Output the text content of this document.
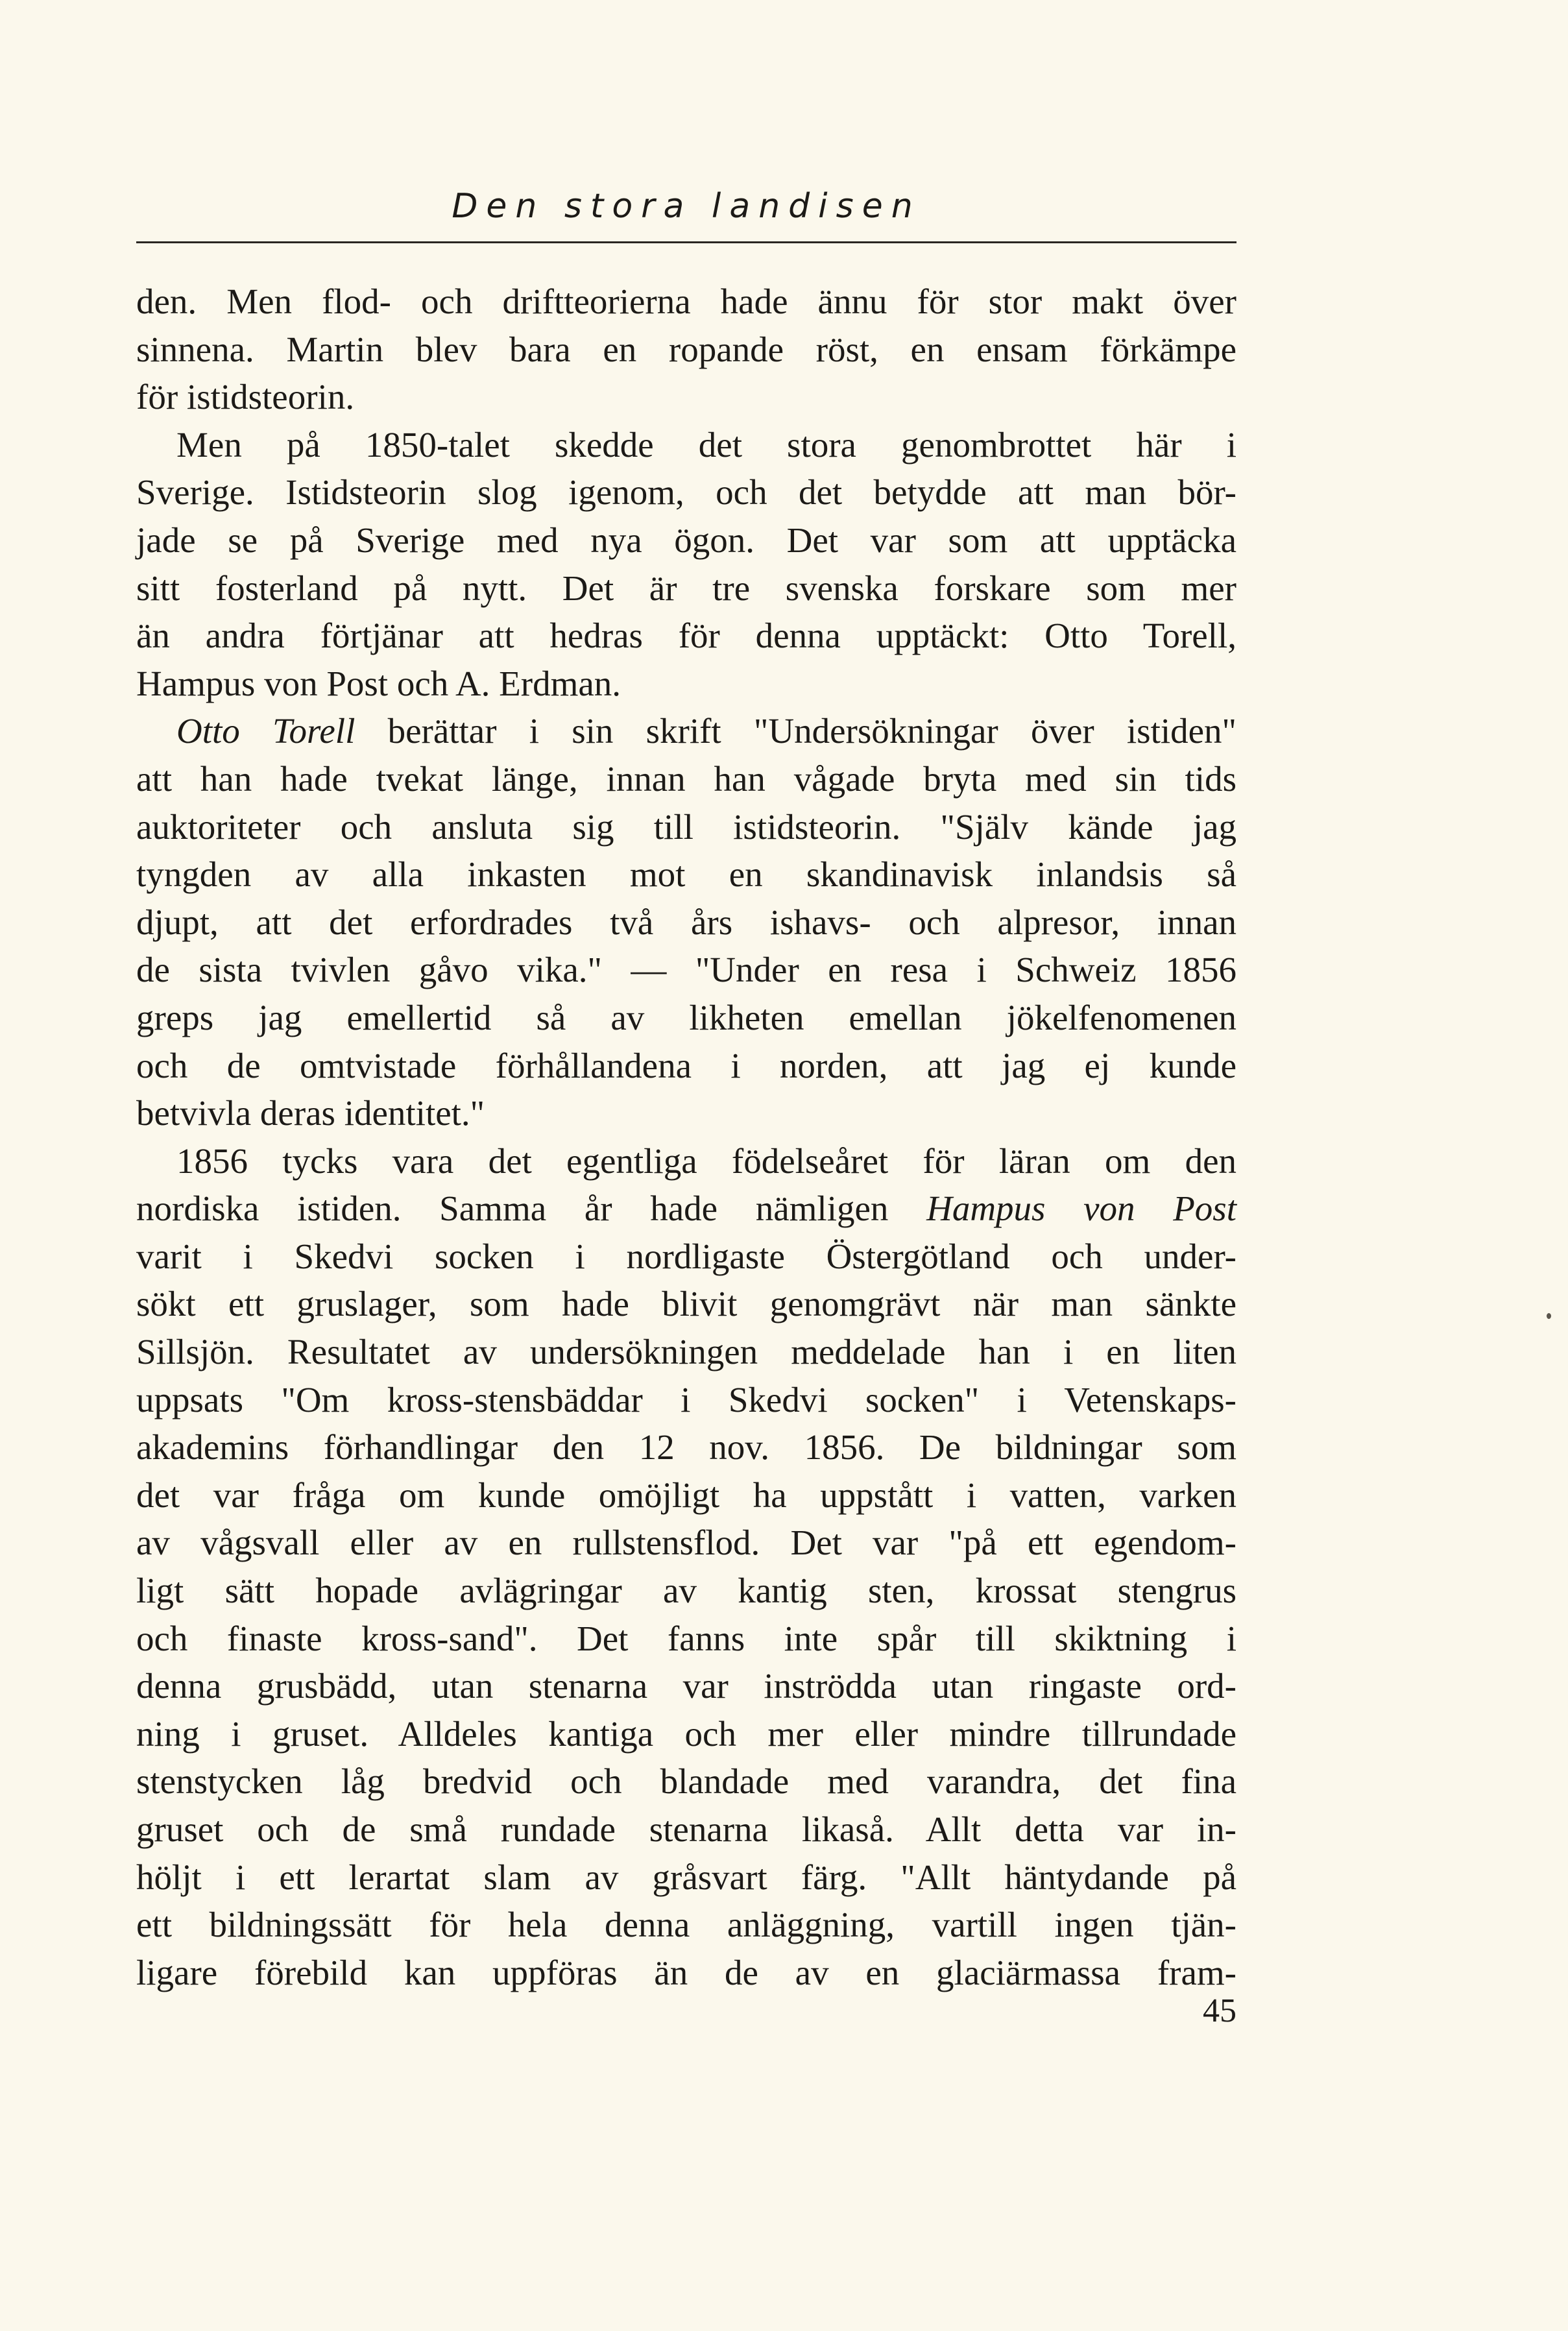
Den stora landisen
den. Men flod- och driftteorierna hade ännu för stor makt över
sinnena. Martin blev bara en ropande röst, en ensam förkämpe
för istidsteorin.
Men på 1850-talet skedde det stora genombrottet här i
Sverige. Istidsteorin slog igenom, och det betydde att man bör-
jade se på Sverige med nya ögon. Det var som att upptäcka
sitt fosterland på nytt. Det är tre svenska forskare som mer
än andra förtjänar att hedras för denna upptäckt: Otto Torell,
Hampus von Post och A. Erdman.
Otto Torell berättar i sin skrift "Undersökningar över istiden"
att han hade tvekat länge, innan han vågade bryta med sin tids
auktoriteter och ansluta sig till istidsteorin. "Själv kände jag
tyngden av alla inkasten mot en skandinavisk inlandsis så
djupt, att det erfordrades två års ishavs- och alpresor, innan
de sista tvivlen gåvo vika." — "Under en resa i Schweiz 1856
greps jag emellertid så av likheten emellan jökelfenomenen
och de omtvistade förhållandena i norden, att jag ej kunde
betvivla deras identitet."
1856 tycks vara det egentliga födelseåret för läran om den
nordiska istiden. Samma år hade nämligen Hampus von Post
varit i Skedvi socken i nordligaste Östergötland och under-
sökt ett gruslager, som hade blivit genomgrävt när man sänkte
Sillsjön. Resultatet av undersökningen meddelade han i en liten
uppsats "Om kross-stensbäddar i Skedvi socken" i Vetenskaps-
akademins förhandlingar den 12 nov. 1856. De bildningar som
det var fråga om kunde omöjligt ha uppstått i vatten, varken
av vågsvall eller av en rullstensflod. Det var "på ett egendom-
ligt sätt hopade avlägringar av kantig sten, krossat stengrus
och finaste kross-sand". Det fanns inte spår till skiktning i
denna grusbädd, utan stenarna var inströdda utan ringaste ord-
ning i gruset. Alldeles kantiga och mer eller mindre tillrundade
stenstycken låg bredvid och blandade med varandra, det fina
gruset och de små rundade stenarna likaså. Allt detta var in-
höljt i ett lerartat slam av gråsvart färg. "Allt häntydande på
ett bildningssätt för hela denna anläggning, vartill ingen tjän-
ligare förebild kan uppföras än de av en glaciärmassa fram-
45
